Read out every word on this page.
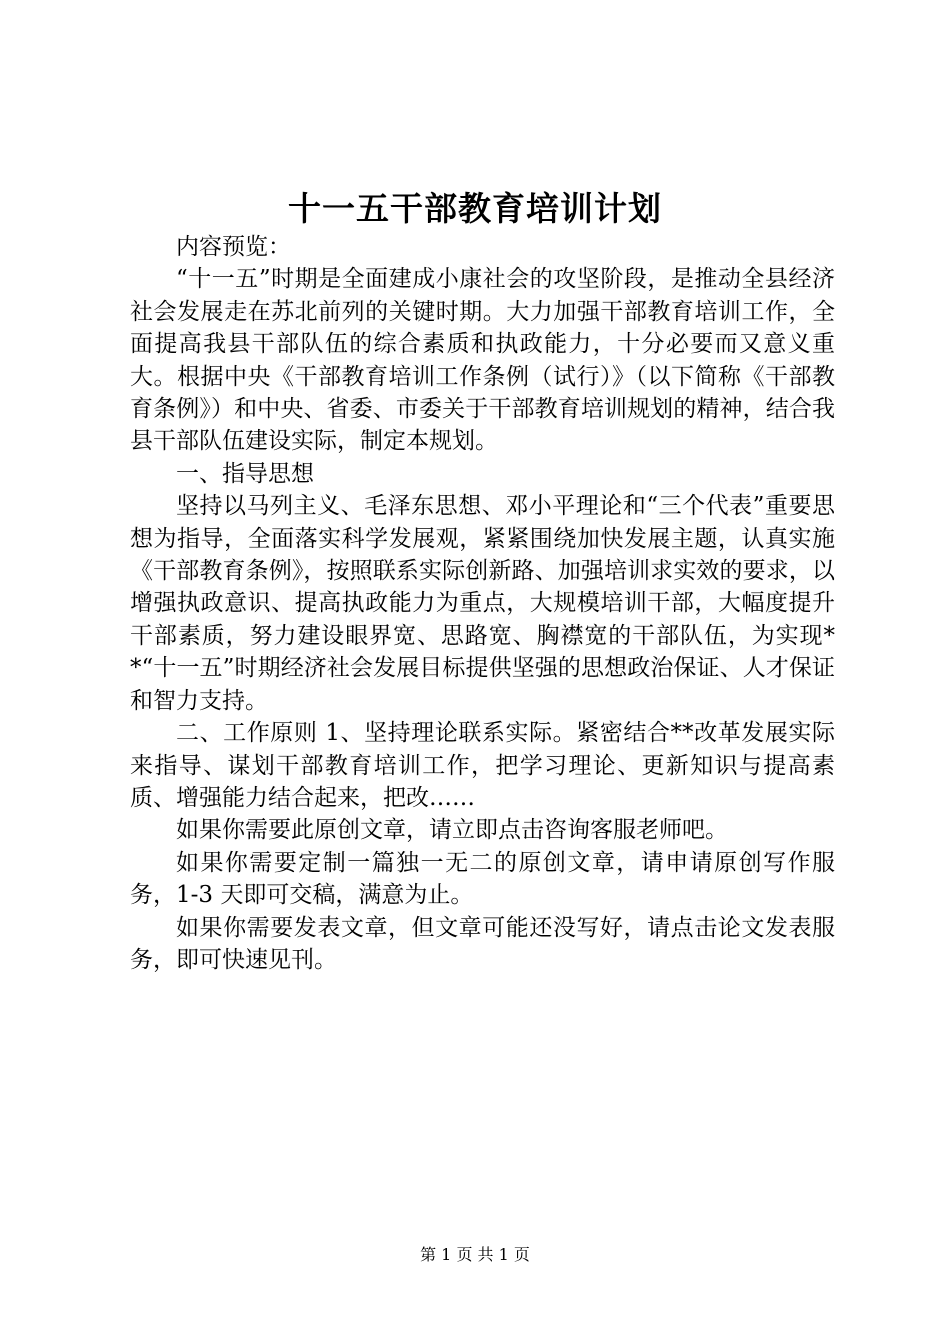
十一五干部教育培训计划

内容预览：

“十一五”时期是全面建成小康社会的攻坚阶段，是推动全县经济社会发展走在苏北前列的关键时期。大力加强干部教育培训工作，全面提高我县干部队伍的综合素质和执政能力，十分必要而又意义重大。根据中央《干部教育培训工作条例（试行）》（以下简称《干部教育条例》）和中央、省委、市委关于干部教育培训规划的精神，结合我县干部队伍建设实际，制定本规划。

一、指导思想

坚持以马列主义、毛泽东思想、邓小平理论和“三个代表”重要思想为指导，全面落实科学发展观，紧紧围绕加快发展主题，认真实施《干部教育条例》，按照联系实际创新路、加强培训求实效的要求，以增强执政意识、提高执政能力为重点，大规模培训干部，大幅度提升干部素质，努力建设眼界宽、思路宽、胸襟宽的干部队伍，为实现**“十一五”时期经济社会发展目标提供坚强的思想政治保证、人才保证和智力支持。

二、工作原则 1、坚持理论联系实际。紧密结合**改革发展实际来指导、谋划干部教育培训工作，把学习理论、更新知识与提高素质、增强能力结合起来，把改……

如果你需要此原创文章，请立即点击咨询客服老师吧。

如果你需要定制一篇独一无二的原创文章，请申请原创写作服务，1-3 天即可交稿，满意为止。

如果你需要发表文章，但文章可能还没写好，请点击论文发表服务，即可快速见刊。

第 1 页 共 1 页
